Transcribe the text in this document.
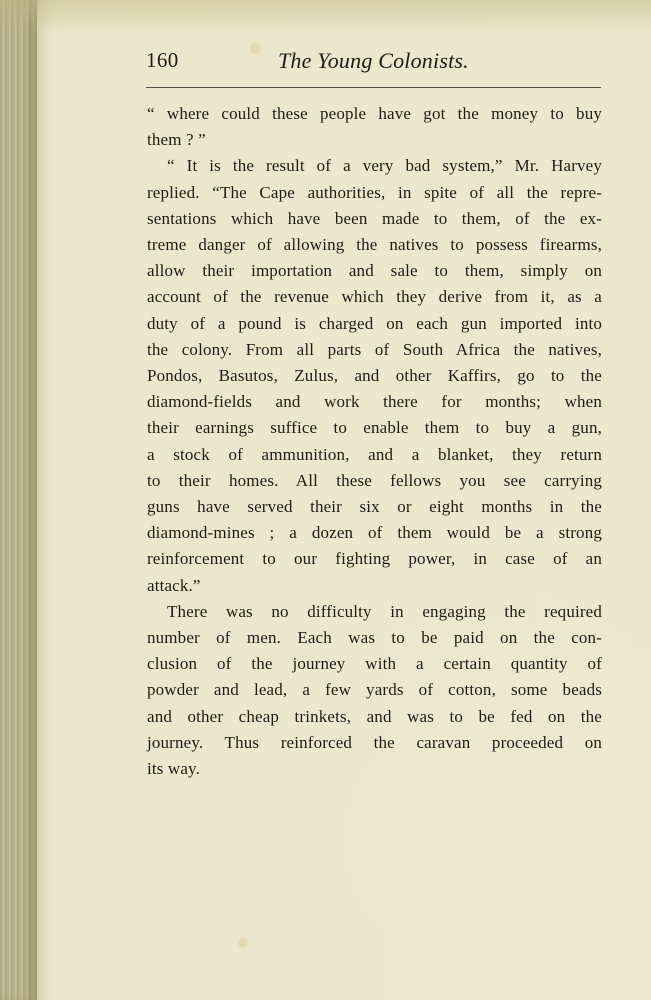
160	The Young Colonists.
“ where could these people have got the money to buy
them ? ”
“ It is the result of a very bad system,” Mr. Harvey
replied. “The Cape authorities, in spite of all the repre-
sentations which have been made to them, of the ex-
treme danger of allowing the natives to possess firearms,
allow their importation and sale to them, simply on
account of the revenue which they derive from it, as a
duty of a pound is charged on each gun imported into
the colony. From all parts of South Africa the natives,
Pondos, Basutos, Zulus, and other Kaffirs, go to the
diamond-fields and work there for months; when
their earnings suffice to enable them to buy a gun,
a stock of ammunition, and a blanket, they return
to their homes. All these fellows you see carrying
guns have served their six or eight months in the
diamond-mines ; a dozen of them would be a strong
reinforcement to our fighting power, in case of an
attack.”
There was no difficulty in engaging the required
number of men. Each was to be paid on the con-
clusion of the journey with a certain quantity of
powder and lead, a few yards of cotton, some beads
and other cheap trinkets, and was to be fed on the
journey. Thus reinforced the caravan proceeded on
its way.
